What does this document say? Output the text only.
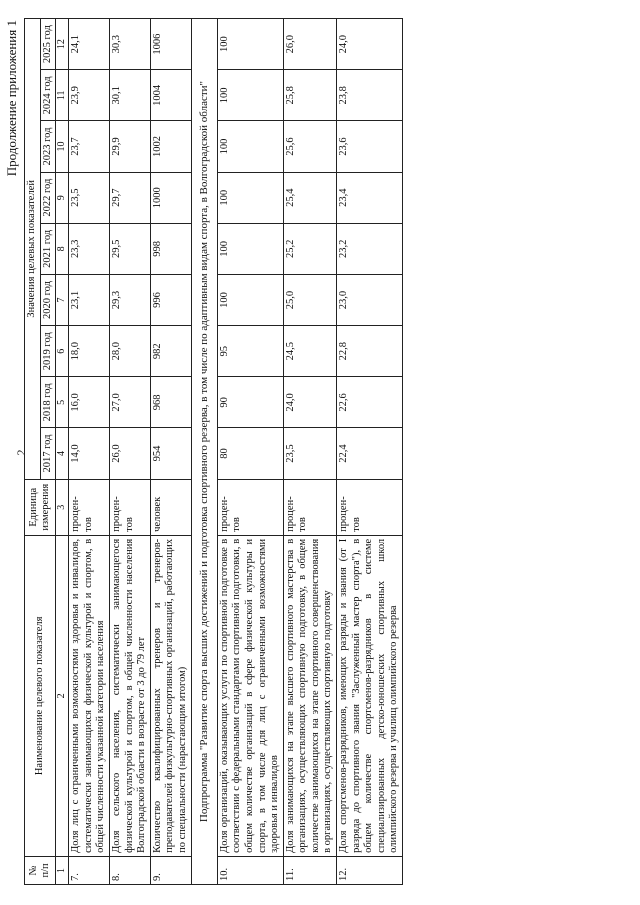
2
Продолжение приложения 1
№ п/п	Наименование целевого показателя	Единица измерения	Значения целевых показателей								
			2017 год	2018 год	2019 год	2020 год	2021 год	2022 год	2023 год	2024 год	2025 год
1	2	3	4	5	6	7	8	9	10	11	12
7.	Доля лиц с ограниченными возможностями здоровья и инвалидов, систематически занимающихся физической культурой и спортом, в общей численности указанной категории населения	процен-тов	14,0	16,0	18,0	23,1	23,3	23,5	23,7	23,9	24,1
8.	Доля сельского населения, систематически занимающегося физической культурой и спортом, в общей численности населения Волгоградской области в возрасте от 3 до 79 лет	процен-тов	26,0	27,0	28,0	29,3	29,5	29,7	29,9	30,1	30,3
9.	Количество квалифицированных тренеров и тренеров-преподавателей физкультурно-спортивных организаций, работающих по специальности (нарастающим итогом)	человек	954	968	982	996	998	1000	1002	1004	1006
Подпрограмма "Развитие спорта высших достижений и подготовка спортивного резерва, в том числе по адаптивным видам спорта, в Волгоградской области"											
10.	Доля организаций, оказывающих услуги по спортивной подготовке в соответствии с федеральными стандартами спортивной подготовки, в общем количестве организаций в сфере физической культуры и спорта, в том числе для лиц с ограниченными возможностями здоровья и инвалидов	процен-тов	80	90	95	100	100	100	100	100	100
11.	Доля занимающихся на этапе высшего спортивного мастерства в организациях, осуществляющих спортивную подготовку, в общем количестве занимающихся на этапе спортивного совершенствования в организациях, осуществляющих спортивную подготовку	процен-тов	23,5	24,0	24,5	25,0	25,2	25,4	25,6	25,8	26,0
12.	Доля спортсменов-разрядников, имеющих разряды и звания (от I разряда до спортивного звания "Заслуженный мастер спорта"), в общем количестве спортсменов-разрядников в системе специализированных детско-юношеских спортивных школ олимпийского резерва и училищ олимпийского резерва	процен-тов	22,4	22,6	22,8	23,0	23,2	23,4	23,6	23,8	24,0
